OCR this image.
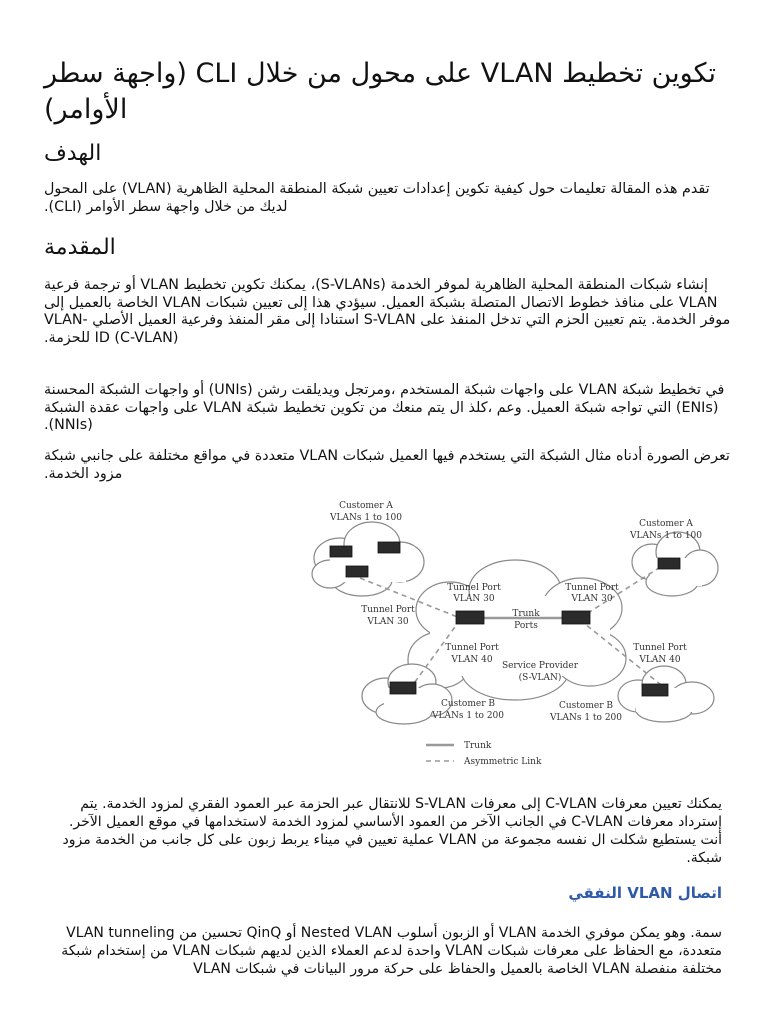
تكوين تخطيط VLAN على محول من خلال CLI (واجهة سطر الأوامر)
الهدف

تقدم هذه المقالة تعليمات حول كيفية تكوين إعدادات تعيين شبكة المنطقة المحلية الظاهرية (VLAN) على المحول لديك من خلال واجهة سطر الأوامر (CLI).

المقدمة

إنشاء شبكات المنطقة المحلية الظاهرية لموفر الخدمة (S-VLANs)، يمكنك تكوين تخطيط VLAN أو ترجمة فرعية VLAN على منافذ خطوط الاتصال المتصلة بشبكة العميل. سيؤدي هذا إلى تعيين شبكات VLAN الخاصة بالعميل إلى موفر الخدمة. يتم تعيين الحزم التي تدخل المنفذ على S-VLAN استنادا إلى مقر المنفذ وفرعية العميل الأصلي VLAN-ID (C-VLAN) للحزمة.

في تخطيط شبكة VLAN على واجهات شبكة المستخدم ،ومرتجل ويديلقت رشن (UNIs) أو واجهات الشبكة المحسنة (ENIs) التي تواجه شبكة العميل. وعم ،كلذ ال يتم منعك من تكوين تخطيط شبكة VLAN على واجهات عقدة الشبكة (NNIs).

تعرض الصورة أدناه مثال الشبكة التي يستخدم فيها العميل شبكات VLAN متعددة في مواقع مختلفة على جانبي شبكة مزود الخدمة.

Customer A
VLANs 1 to 100
Customer A
VLANs 1 to 100
Tunnel Port
VLAN 30
Tunnel Port
VLAN 30
Tunnel Port
VLAN 30
Trunk
Ports
Tunnel Port
VLAN 40
Tunnel Port
VLAN 40
Service Provider
(S-VLAN)
Customer B
VLANs 1 to 200
Customer B
VLANs 1 to 200
Trunk
Asymmetric Link

يمكنك تعيين معرفات C-VLAN إلى معرفات S-VLAN للانتقال عبر الحزمة عبر العمود الفقري لمزود الخدمة. يتم إسترداد معرفات C-VLAN في الجانب الآخر من العمود الأساسي لمزود الخدمة لاستخدامها في موقع العميل الآخر. أنت يستطيع شكلت ال نفسه مجموعة من VLAN عملية تعيين في ميناء يربط زبون على كل جانب من الخدمة مزود شبكة.

اتصال VLAN النفقي

VLAN tunneling تحسين من QinQ أو Nested VLAN أو الزبون أسلوب VLAN سمة. وهو يمكن موفري الخدمة من إستخدام شبكة VLAN واحدة لدعم العملاء الذين لديهم شبكات VLAN متعددة، مع الحفاظ على معرفات شبكات VLAN الخاصة بالعميل والحفاظ على حركة مرور البيانات في شبكات VLAN مختلفة منفصلة
